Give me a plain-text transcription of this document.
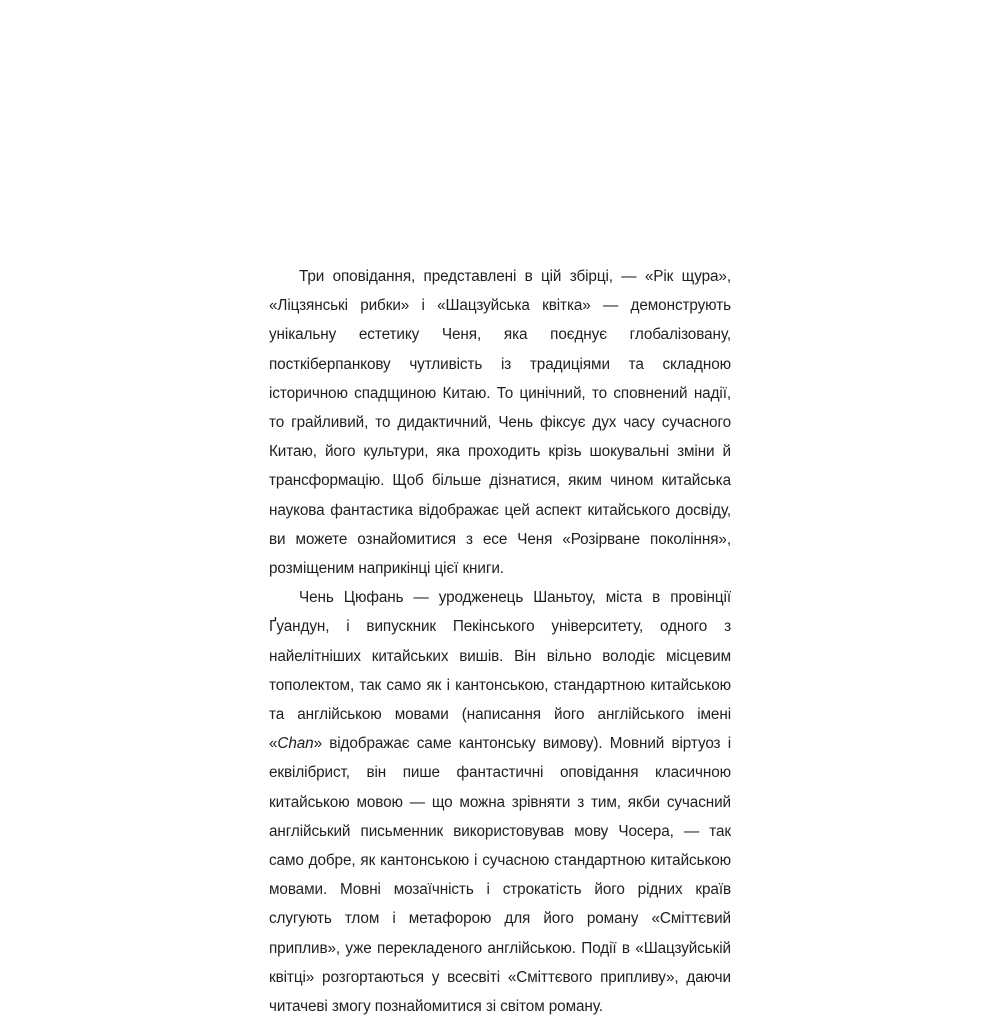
Три оповідання, представлені в цій збірці, — «Рік щура», «Ліцзянські рибки» і «Шацзуйська квітка» — демонструють унікальну естетику Ченя, яка поєднує глобалізовану, посткіберпанкову чутливість із традиціями та складною історичною спадщиною Китаю. То цинічний, то сповнений надії, то грайливий, то дидактичний, Чень фіксує дух часу сучасного Китаю, його культури, яка проходить крізь шокувальні зміни й трансформацію. Щоб більше дізнатися, яким чином китайська наукова фантастика відображає цей аспект китайського досвіду, ви можете ознайомитися з есе Ченя «Розірване покоління», розміщеним наприкінці цієї книги.

Чень Цюфань — уродженець Шаньтоу, міста в провінції Ґуандун, і випускник Пекінського університету, одного з найелітніших китайських вишів. Він вільно володіє місцевим тополектом, так само як і кантонською, стандартною китайською та англійською мовами (написання його англійського імені «Chan» відображає саме кантонську вимову). Мовний віртуоз і еквілібрист, він пише фантастичні оповідання класичною китайською мовою — що можна зрівняти з тим, якби сучасний англійський письменник використовував мову Чосера, — так само добре, як кантонською і сучасною стандартною китайською мовами. Мовні мозаїчність і строкатість його рідних країв слугують тлом і метафорою для його роману «Сміттєвий приплив», уже перекладеного англійською. Події в «Шацзуйській квітці» розгортаються у всесвіті «Сміттєвого припливу», даючи читачеві змогу познайомитися зі світом роману.
